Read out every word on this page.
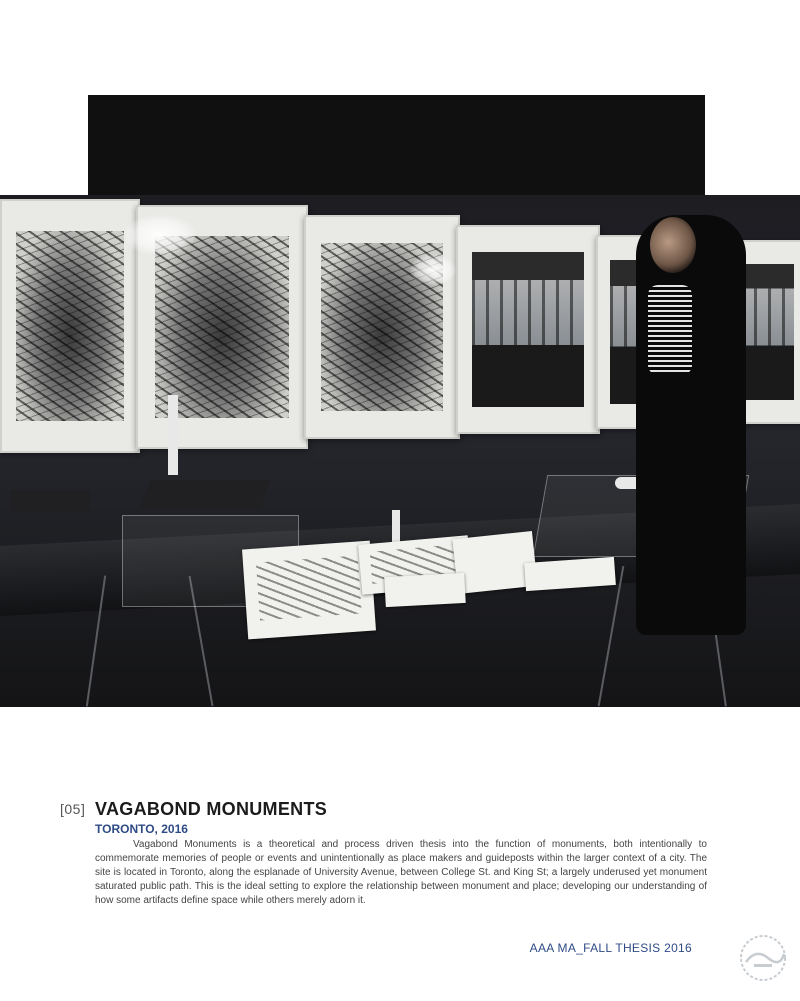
[05] VAGABOND MONUMENTS
TORONTO, 2016

Vagabond Monuments is a theoretical and process driven thesis into the function of monuments, both intentionally to commemorate memories of people or events and unintentionally as place makers and guideposts within the larger context of a city. The site is located in Toronto, along the esplanade of University Avenue, between College St. and King St; a largely underused yet monument saturated public path. This is the ideal setting to explore the relationship between monument and place; developing our understanding of how some artifacts define space while others merely adorn it.

AAA MA_FALL THESIS 2016
